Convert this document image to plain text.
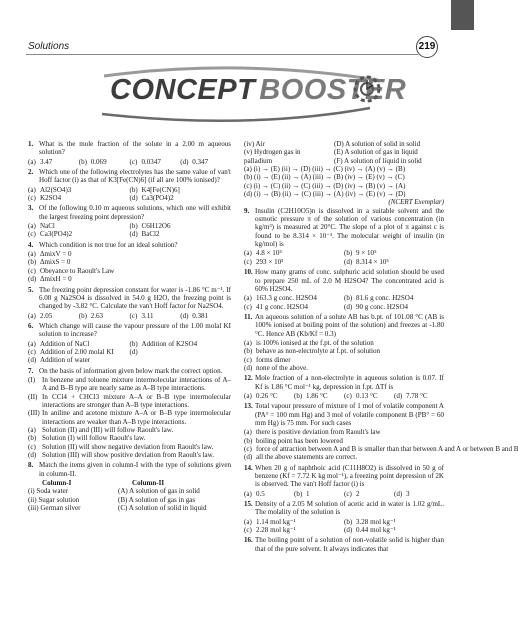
Solutions	219
CONCEPT BOOSTER
1. What is the mole fraction of the solute in a 2.00 m aqueous solution?
(a) 3.47	(b) 0.069	(c) 0.0347	(d) 0.347
2. Which one of the following electrolytes has the same value of van't Hoff factor (i) as that of K3[Fe(CN)6] (if all are 100% ionised)?
(a) Al2(SO4)3	(b) K4[Fe(CN)6]
(c) K2SO4	(d) Ca3(PO4)2
3. Of the following 0.10 m aqueous solutions, which one will exhibit the largest freezing point depression?
(a) NaCl	(b) C6H12O6
(c) Ca3(PO4)2	(d) BaCl2
4. Which condition is not true for an ideal solution?
(a) ΔmixV = 0
(b) ΔmixS = 0
(c) Obeyance to Raoult's Law
(d) ΔmixH = 0
5. The freezing point depression constant for water is -1.86 °C m⁻¹. If 6.00 g Na2SO4 is dissolved in 54.0 g H2O, the freezing point is changed by -3.82 °C. Calculate the van't Hoff factor for Na2SO4.
(a) 2.05	(b) 2.63	(c) 3.11	(d) 0.381
6. Which change will cause the vapour pressure of the 1.00 molal KI solution to increase?
(a) Addition of NaCl	(b) Addition of K2SO4
(c) Addition of 2.00 molal KI (d)
(d) Addition of water
7. On the basis of information given below mark the correct option.
(I) In benzene and toluene mixture intermolecular interactions of A–A and B–B type are nearly same as A–B type interactions.
(II) In CCl4 + CHCl3 mixture A–A or B–B type intermolecular interactions are stronger than A–B type interactions.
(III) In aniline and acetone mixture A–A or B–B type intermolecular interactions are weaker than A–B type interactions.
(a) Solution (II) and (III) will follow Raoult's law.
(b) Solution (I) will follow Raoult's law.
(c) Solution (II) will show negative deviation from Raoult's law.
(d) Solution (III) will show positive deviation from Raoult's law.
8. Match the items given in column-I with the type of solutions given in column-II.
Column-I	Column-II
(i) Soda water	(A) A solution of gas in solid
(ii) Sugar solution	(B) A solution of gas in gas
(iii) German silver	(C) A solution of solid in liquid
(iv) Air	(D) A solution of solid in solid
(v) Hydrogen gas in	(E) A solution of gas in liquid
palladium	(F) A solution of liquid in solid
(a) (i) → (E) (ii) → (D) (iii) → (C) (iv) → (A) (v) → (B)
(b) (i) → (E) (ii) → (A) (iii) → (B) (iv) → (E) (v) → (C)
(c) (i) → (C) (ii) → (C) (iii) → (D) (iv) → (B) (v) → (A)
(d) (i) → (B) (ii) → (C) (iii) → (A) (iv) → (E) (v) → (D)
(NCERT Exemplar)
9. Insulin (C2H10O5)n is dissolved in a suitable solvent and the osmotic pressure π of the solution of various concentration (in kg/m³) is measured at 20°C. The slope of a plot of π against c is found to be 8.314 × 10⁻³. The molecular weight of insulin (in kg/mol) is
(a) 4.8 × 10⁵	(b) 9 × 10⁵
(c) 293 × 10³	(d) 8.314 × 10⁵
10. How many grams of conc. sulphuric acid solution should be used to prepare 250 mL of 2.0 M H2SO4? The concentrated acid is 60% H2SO4.
(a) 163.3 g conc. H2SO4	(b) 81.6 g conc. H2SO4
(c) 41 g conc. H2SO4	(d) 90 g conc. H2SO4
11. An aqueous solution of a solute AB has b.pt. of 101.08 °C (AB is 100% ionised at boiling point of the solution) and freezes at -1.80 °C. Hence AB (Kb/Kf = 0.3)
(a) is 100% ionised at the f.pt. of the solution
(b) behave as non-electrolyte at f.pt. of solution
(c) forms dimer
(d) none of the above.
12. Mole fraction of a non-electrolyte in aqueous solution is 0.07. If Kf is 1.86 °C mol⁻¹ kg, depression in f.pt. ΔTf is
(a) 0.26 °C (b) 1.86 °C (c) 0.13 °C (d) 7.78 °C
13. Total vapour pressure of mixture of 1 mol of volatile component A (PA° = 100 mm Hg) and 3 mol of volatile component B (PB° = 60 mm Hg) is 75 mm. For such cases
(a) there is positive deviation from Raoult's law
(b) boiling point has been lowered
(c) force of attraction between A and B is smaller than that between A and A or between B and B
(d) all the above statements are correct.
14. When 20 g of naphthoic acid (C11H8O2) is dissolved in 50 g of benzene (Kf = 7.72 K kg mol⁻¹), a freezing point depression of 2K is observed. The van't Hoff factor (i) is
(a) 0.5	(b) 1	(c) 2	(d) 3
15. Density of a 2.05 M solution of acetic acid in water is 1.02 g/mL. The molality of the solution is
(a) 1.14 mol kg⁻¹	(b) 3.28 mol kg⁻¹
(c) 2.28 mol kg⁻¹	(d) 0.44 mol kg⁻¹
16. The boiling point of a solution of non-volatile solid is higher than that of the pure solvent. It always indicates that
